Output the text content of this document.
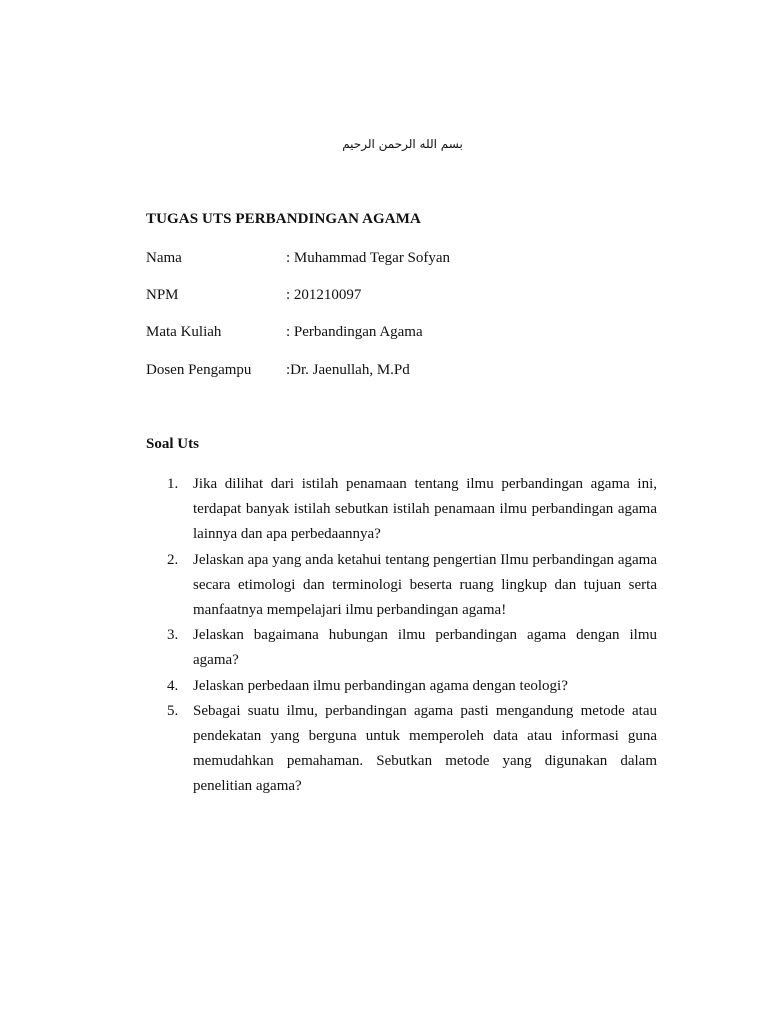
بسم الله الرحمن الرحيم
TUGAS UTS PERBANDINGAN AGAMA
Nama	: Muhammad Tegar Sofyan
NPM	: 201210097
Mata Kuliah	: Perbandingan Agama
Dosen Pengampu :Dr. Jaenullah, M.Pd
Soal Uts
1. Jika dilihat dari istilah penamaan tentang ilmu perbandingan agama ini, terdapat banyak istilah sebutkan istilah penamaan ilmu perbandingan agama lainnya dan apa perbedaannya?
2. Jelaskan apa yang anda ketahui tentang pengertian Ilmu perbandingan agama secara etimologi dan terminologi beserta ruang lingkup dan tujuan serta manfaatnya mempelajari ilmu perbandingan agama!
3. Jelaskan bagaimana hubungan ilmu perbandingan agama dengan ilmu agama?
4. Jelaskan perbedaan ilmu perbandingan agama dengan teologi?
5. Sebagai suatu ilmu, perbandingan agama pasti mengandung metode atau pendekatan yang berguna untuk memperoleh data atau informasi guna memudahkan pemahaman. Sebutkan metode yang digunakan dalam penelitian agama?
